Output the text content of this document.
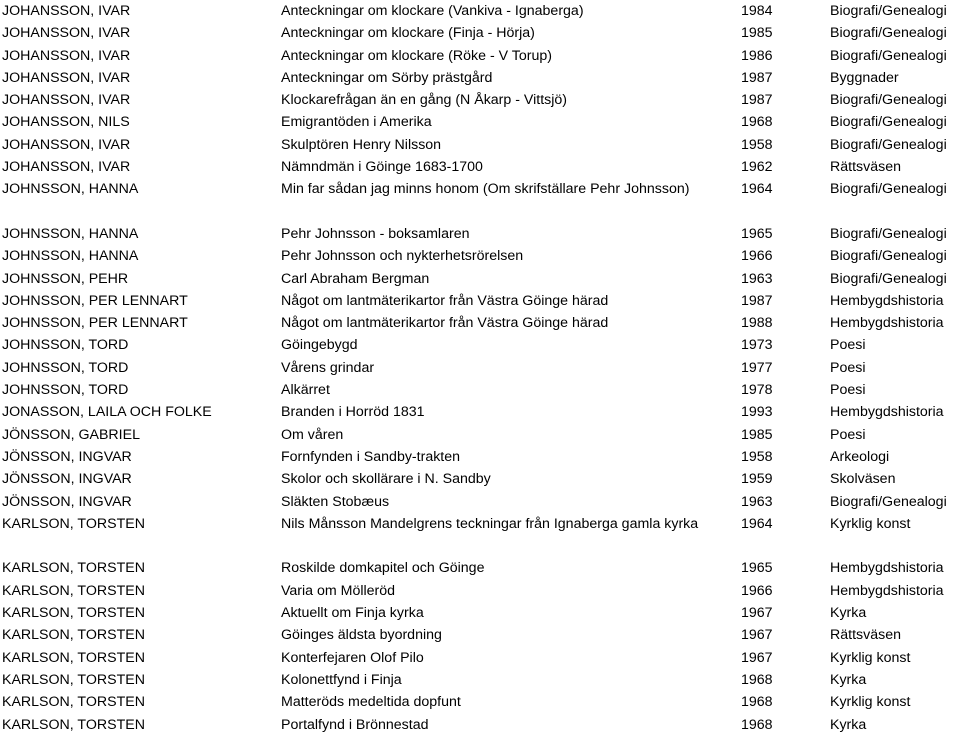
JOHANSSON, IVAR	Anteckningar om klockare (Vankiva - Ignaberga)	1984	Biografi/Genealogi
JOHANSSON, IVAR	Anteckningar om klockare (Finja - Hörja)	1985	Biografi/Genealogi
JOHANSSON, IVAR	Anteckningar om klockare (Röke - V Torup)	1986	Biografi/Genealogi
JOHANSSON, IVAR	Anteckningar om Sörby prästgård	1987	Byggnader
JOHANSSON, IVAR	Klockarefrågan än en gång (N Åkarp - Vittsjö)	1987	Biografi/Genealogi
JOHANSSON, NILS	Emigrantöden i Amerika	1968	Biografi/Genealogi
JOHANSSON, IVAR	Skulptören Henry Nilsson	1958	Biografi/Genealogi
JOHANSSON, IVAR	Nämndmän i Göinge 1683-1700	1962	Rättsväsen
JOHNSSON, HANNA	Min far sådan jag minns honom (Om skrifställare Pehr Johnsson)	1964	Biografi/Genealogi
JOHNSSON, HANNA	Pehr Johnsson - boksamlaren	1965	Biografi/Genealogi
JOHNSSON, HANNA	Pehr Johnsson och nykterhetsrörelsen	1966	Biografi/Genealogi
JOHNSSON, PEHR	Carl Abraham Bergman	1963	Biografi/Genealogi
JOHNSSON, PER LENNART	Något om lantmäterikartor från Västra Göinge härad	1987	Hembygdshistoria
JOHNSSON, PER LENNART	Något om lantmäterikartor från Västra Göinge härad	1988	Hembygdshistoria
JOHNSSON, TORD	Göingebygd	1973	Poesi
JOHNSSON, TORD	Vårens grindar	1977	Poesi
JOHNSSON, TORD	Alkärret	1978	Poesi
JONASSON, LAILA OCH FOLKE	Branden i Horröd 1831	1993	Hembygdshistoria
JÖNSSON, GABRIEL	Om våren	1985	Poesi
JÖNSSON, INGVAR	Fornfynden i Sandby-trakten	1958	Arkeologi
JÖNSSON, INGVAR	Skolor och skollärare i N. Sandby	1959	Skolväsen
JÖNSSON, INGVAR	Släkten Stobæus	1963	Biografi/Genealogi
KARLSON, TORSTEN	Nils Månsson Mandelgrens teckningar från Ignaberga gamla kyrka	1964	Kyrklig konst
KARLSON, TORSTEN	Roskilde domkapitel och Göinge	1965	Hembygdshistoria
KARLSON, TORSTEN	Varia om Mölleröd	1966	Hembygdshistoria
KARLSON, TORSTEN	Aktuellt om Finja kyrka	1967	Kyrka
KARLSON, TORSTEN	Göinges äldsta byordning	1967	Rättsväsen
KARLSON, TORSTEN	Konterfejaren Olof Pilo	1967	Kyrklig konst
KARLSON, TORSTEN	Kolonettfynd i Finja	1968	Kyrka
KARLSON, TORSTEN	Matteröds medeltida dopfunt	1968	Kyrklig konst
KARLSON, TORSTEN	Portalfynd i Brönnestad	1968	Kyrka
